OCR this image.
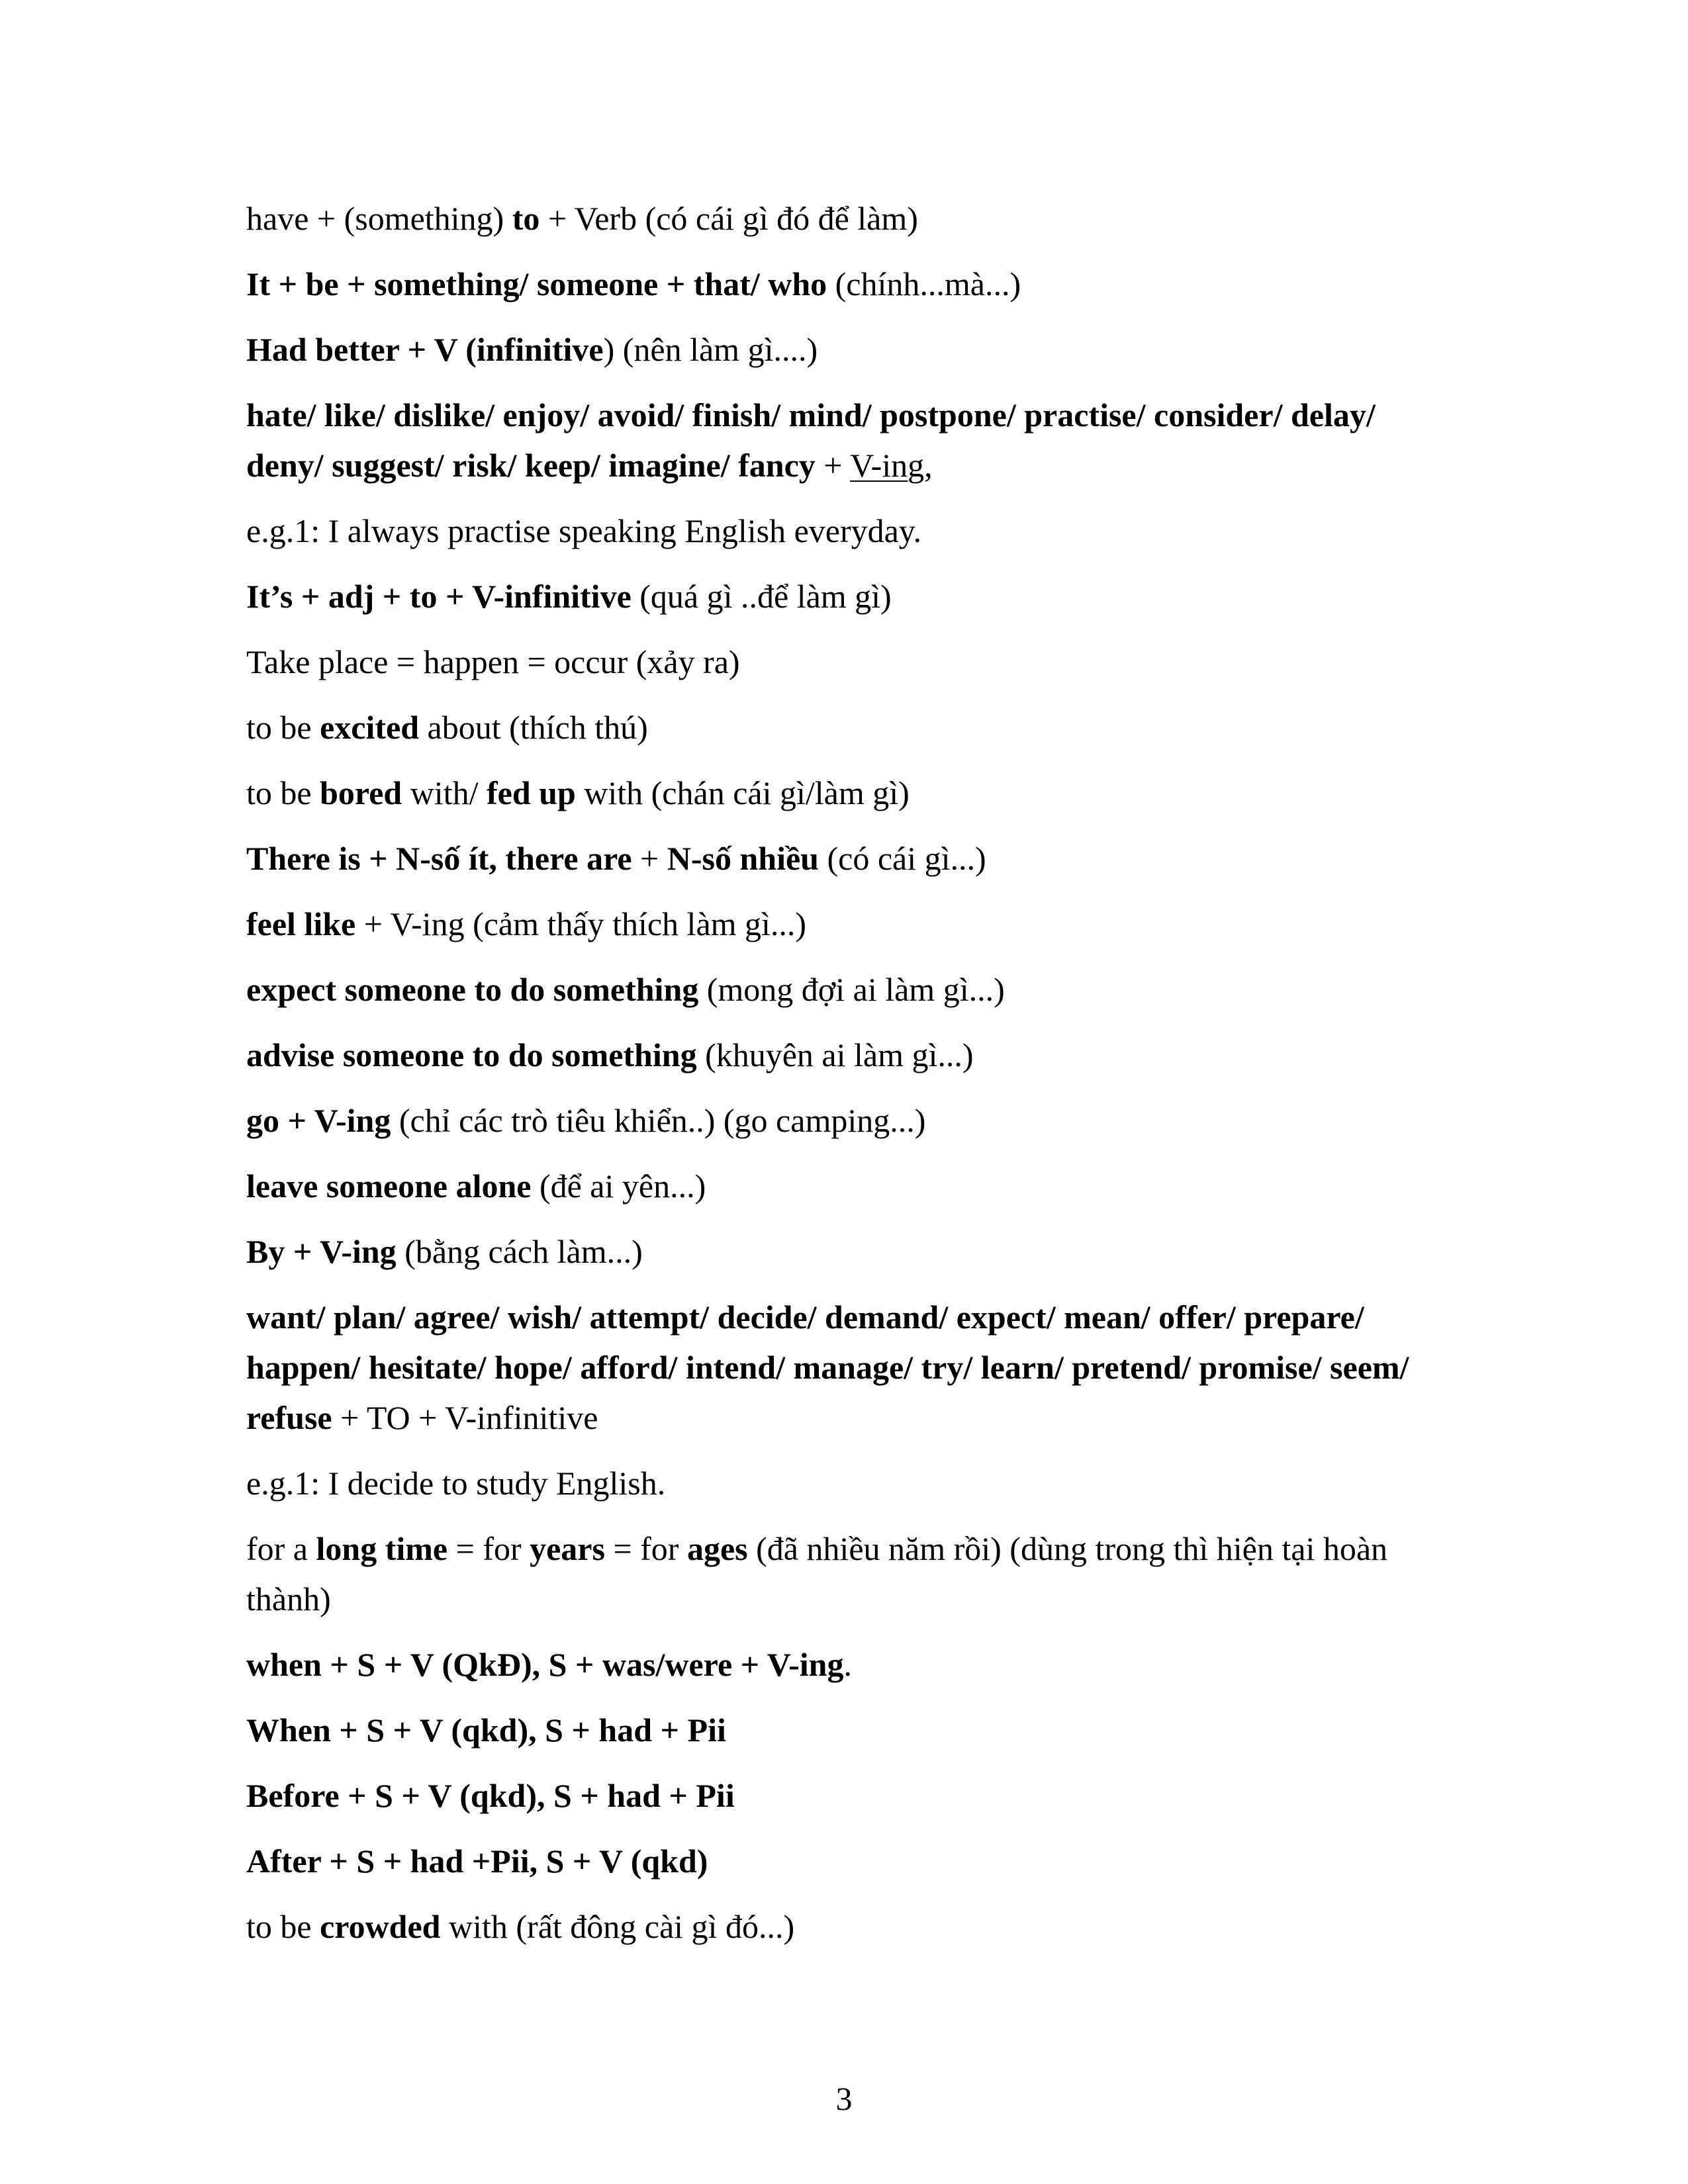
have + (something) to + Verb (có cái gì đó để làm)
It + be + something/ someone + that/ who (chính...mà...)
Had better + V (infinitive) (nên làm gì....)
hate/ like/ dislike/ enjoy/ avoid/ finish/ mind/ postpone/ practise/ consider/ delay/ deny/ suggest/ risk/ keep/ imagine/ fancy + V-ing,
e.g.1: I always practise speaking English everyday.
It’s + adj + to + V-infinitive (quá gì ..để làm gì)
Take place = happen = occur (xảy ra)
to be excited about (thích thú)
to be bored with/ fed up with (chán cái gì/làm gì)
There is + N-số ít, there are + N-số nhiều (có cái gì...)
feel like + V-ing (cảm thấy thích làm gì...)
expect someone to do something (mong đợi ai làm gì...)
advise someone to do something (khuyên ai làm gì...)
go + V-ing (chỉ các trò tiêu khiển..) (go camping...)
leave someone alone (để ai yên...)
By + V-ing (bằng cách làm...)
want/ plan/ agree/ wish/ attempt/ decide/ demand/ expect/ mean/ offer/ prepare/ happen/ hesitate/ hope/ afford/ intend/ manage/ try/ learn/ pretend/ promise/ seem/ refuse + TO + V-infinitive
e.g.1: I decide to study English.
for a long time = for years = for ages (đã nhiều năm rồi) (dùng trong thì hiện tại hoàn thành)
when + S + V (QkĐ), S + was/were + V-ing.
When + S + V (qkd), S + had + Pii
Before + S + V (qkd), S + had + Pii
After + S + had +Pii, S + V (qkd)
to be crowded with (rất đông cài gì đó...)
3
